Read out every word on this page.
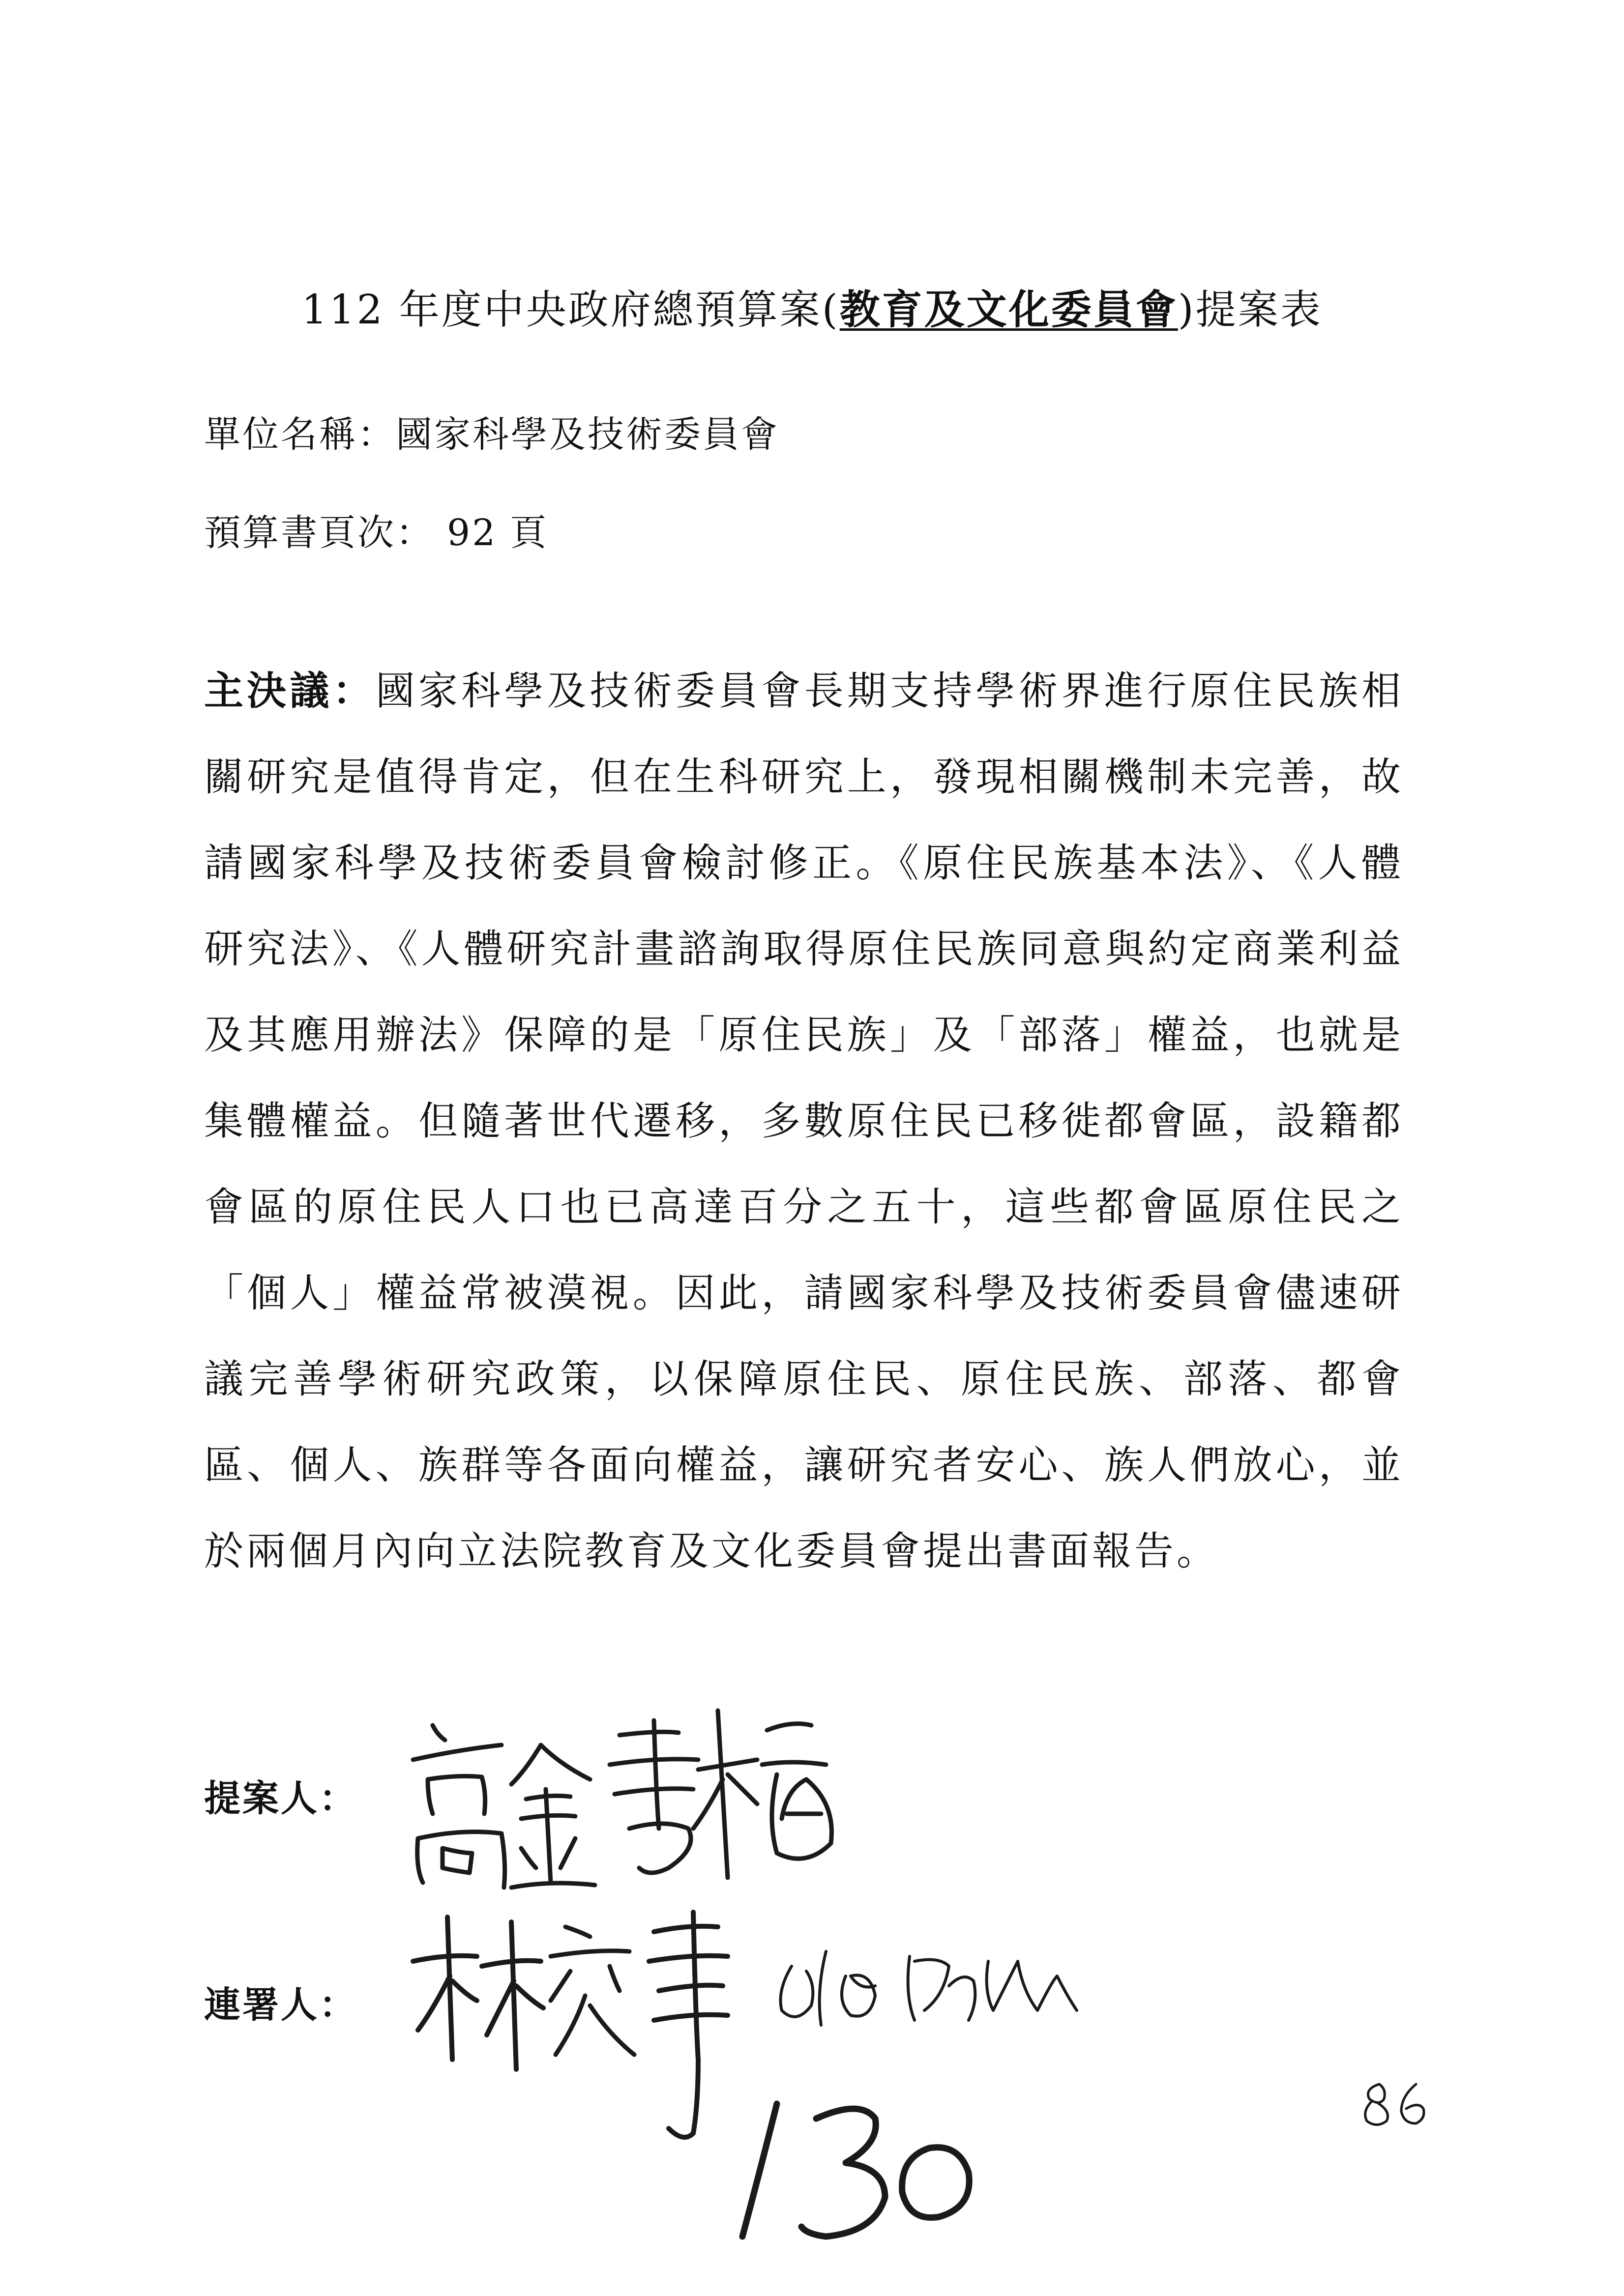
112 年度中央政府總預算案(教育及文化委員會)提案表
單位名稱：國家科學及技術委員會
預算書頁次： 92 頁
主決議：國家科學及技術委員會長期支持學術界進行原住民族相關研究是值得肯定，但在生科研究上，發現相關機制未完善，故請國家科學及技術委員會檢討修正。《原住民族基本法》、《人體研究法》、《人體研究計畫諮詢取得原住民族同意與約定商業利益及其應用辦法》保障的是「原住民族」及「部落」權益，也就是集體權益。但隨著世代遷移，多數原住民已移徙都會區，設籍都會區的原住民人口也已高達百分之五十，這些都會區原住民之「個人」權益常被漠視。因此，請國家科學及技術委員會儘速研議完善學術研究政策，以保障原住民、原住民族、部落、都會區、個人、族群等各面向權益，讓研究者安心、族人們放心，並於兩個月內向立法院教育及文化委員會提出書面報告。
提案人：
連署人：
